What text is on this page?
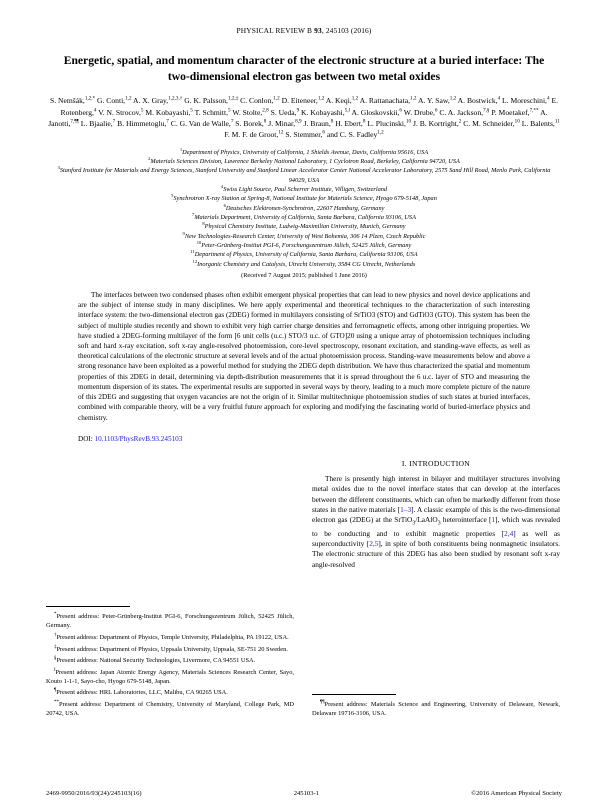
PHYSICAL REVIEW B 93, 245103 (2016)
Energetic, spatial, and momentum character of the electronic structure at a buried interface: The two-dimensional electron gas between two metal oxides
S. Nemšák,$^{1,2,*}$ G. Conti,$^{1,2}$ A. X. Gray,$^{1,2,3,\dagger}$ G. K. Palsson,$^{1,2,\ddagger}$ C. Conlon,$^{1,2}$ D. Eiteneer,$^{1,2}$ A. Keqi,$^{1,2}$ A. Rattanachata,$^{1,2}$ A. Y. Saw,$^{1,2}$ A. Bostwick,$^4$ L. Moreschini,$^4$ E. Rotenberg,$^4$ V. N. Strocov,$^5$ M. Kobayashi,$^5$ T. Schmitt,$^5$ W. Stolte,$^{2,8}$ S. Ueda,$^9$ K. Kobayashi,$^{5,‖}$ A. Gloskovskii,$^6$ W. Drube,$^6$ C. A. Jackson,$^{7,\S}$ P. Moetakef,$^{7,**}$ A. Janotti,$^{7,\P\P}$ L. Bjaalie,$^7$ B. Himmetoglu,$^7$ C. G. Van de Walle,$^7$ S. Borek,$^8$ J. Minar,$^{8,9}$ J. Braun,$^8$ H. Ebert,$^8$ L. Plucinski,$^{10}$ J. B. Kortright,$^2$ C. M. Schneider,$^{10}$ L. Balents,$^{11}$ F. M. F. de Groot,$^{12}$ S. Stemmer,$^6$ and C. S. Fadley$^{1,2}$
$^1$Department of Physics, University of California, 1 Shields Avenue, Davis, California 95616, USA
$^2$Materials Sciences Division, Lawrence Berkeley National Laboratory, 1 Cyclotron Road, Berkeley, California 94720, USA
$^3$Stanford Institute for Materials and Energy Sciences, Stanford University and Stanford Linear Accelerator Center National Accelerator Laboratory, 2575 Sand Hill Road, Menlo Park, California 94029, USA
$^4$Swiss Light Source, Paul Scherrer Institute, Villigen, Switzerland
$^5$Synchrotron X-ray Station at Spring-8, National Institute for Materials Science, Hyogo 679-5148, Japan
$^6$Deutsches Elektronen-Synchrotron, 22607 Hamburg, Germany
$^7$Materials Department, University of California, Santa Barbara, California 93106, USA
$^8$Physical Chemistry Institute, Ludwig-Maximilian University, Munich, Germany
$^9$New Technologies-Research Center, University of West Bohemia, 306 14 Plzen, Czech Republic
$^{10}$Peter-Grünberg-Institut PGI-6, Forschungszentrum Jülich, 52425 Jülich, Germany
$^{11}$Department of Physics, University of California, Santa Barbara, California 93106, USA
$^{12}$Inorganic Chemistry and Catalysis, Utrecht University, 3584 CG Utrecht, Netherlands
(Received 7 August 2015; published 1 June 2016)
The interfaces between two condensed phases often exhibit emergent physical properties that can lead to new physics and novel device applications and are the subject of intense study in many disciplines. We here apply experimental and theoretical techniques to the characterization of such interesting interface system: the two-dimensional electron gas (2DEG) formed in multilayers consisting of SrTiO3 (STO) and GdTiO3 (GTO). This system has been the subject of multiple studies recently and shown to exhibit very high carrier charge densities and ferromagnetic effects, among other intriguing properties. We have studied a 2DEG-forming multilayer of the form [6 unit cells (u.c.) STO/3 u.c. of GTO]20 using a unique array of photoemission techniques including soft and hard x-ray excitation, soft x-ray angle-resolved photoemission, core-level spectroscopy, resonant excitation, and standing-wave effects, as well as theoretical calculations of the electronic structure at several levels and of the actual photoemission process. Standing-wave measurements below and above a strong resonance have been exploited as a powerful method for studying the 2DEG depth distribution. We have thus characterized the spatial and momentum properties of this 2DEG in detail, determining via depth-distribution measurements that it is spread throughout the 6 u.c. layer of STO and measuring the momentum dispersion of its states. The experimental results are supported in several ways by theory, leading to a much more complete picture of the nature of this 2DEG and suggesting that oxygen vacancies are not the origin of it. Similar multitechnique photoemission studies of such states at buried interfaces, combined with comparable theory, will be a very fruitful future approach for exploring and modifying the fascinating world of buried-interface physics and chemistry.
DOI: 10.1103/PhysRevB.93.245103

*Present address: Peter-Grünberg-Institut PGI-6, Forschungszentrum Jülich, 52425 Jülich, Germany.

†Present address: Department of Physics, Temple University, Philadelphia, PA 19122, USA.

‡Present address: Department of Physics, Uppsala University, Uppsala, SE-751 20 Sweden.

§Present address: National Security Technologies, Livermore, CA 94551 USA.

‖Present address: Japan Atomic Energy Agency, Materials Sciences Research Center, Sayo, Kouto 1-1-1, Sayo-cho, Hyogo 679-5148, Japan.

¶Present address: HRL Laboratories, LLC, Malibu, CA 90265 USA.

**Present address: Department of Chemistry, University of Maryland, College Park, MD 20742, USA.

I. INTRODUCTION

There is presently high interest in bilayer and multilayer structures involving metal oxides due to the novel interface states that can develop at the interfaces between the different constituents, which can often be markedly different from those states in the native materials [1–3]. A classic example of this is the two-dimensional electron gas (2DEG) at the SrTiO$_3$/LaAlO$_3$ heterointerface [1], which was revealed to be conducting and to exhibit magnetic properties [2,4] as well as superconductivity [2,5], in spite of both constituents being nonmagnetic insulators. The electronic structure of this 2DEG has also been studied by resonant soft x-ray angle-resolved

¶¶Present address: Materials Science and Engineering, University of Delaware, Newark, Delaware 19716-3106, USA.

2469-9950/2016/93(24)/245103(16)	245103-1	©2016 American Physical Society
